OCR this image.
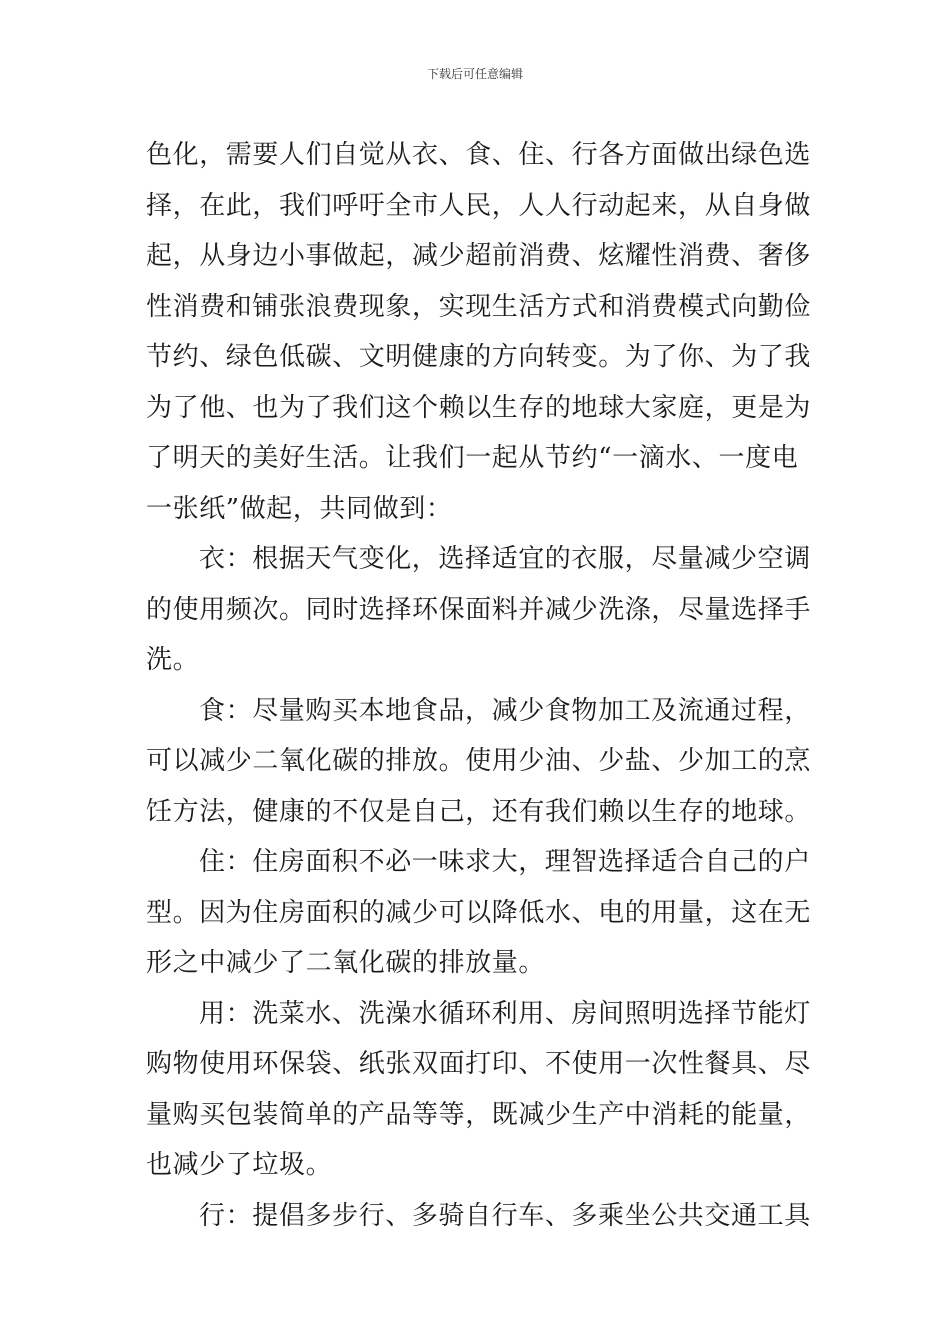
下载后可任意编辑
色化，需要人们自觉从衣、食、住、行各方面做出绿色选
择，在此，我们呼吁全市人民，人人行动起来，从自身做
起，从身边小事做起，减少超前消费、炫耀性消费、奢侈
性消费和铺张浪费现象，实现生活方式和消费模式向勤俭
节约、绿色低碳、文明健康的方向转变。为了你、为了我
为了他、也为了我们这个赖以生存的地球大家庭，更是为
了明天的美好生活。让我们一起从节约“一滴水、一度电
一张纸”做起，共同做到：
衣：根据天气变化，选择适宜的衣服，尽量减少空调
的使用频次。同时选择环保面料并减少洗涤，尽量选择手
洗。
食：尽量购买本地食品，减少食物加工及流通过程，
可以减少二氧化碳的排放。使用少油、少盐、少加工的烹
饪方法，健康的不仅是自己，还有我们赖以生存的地球。
住：住房面积不必一味求大，理智选择适合自己的户
型。因为住房面积的减少可以降低水、电的用量，这在无
形之中减少了二氧化碳的排放量。
用：洗菜水、洗澡水循环利用、房间照明选择节能灯
购物使用环保袋、纸张双面打印、不使用一次性餐具、尽
量购买包装简单的产品等等，既减少生产中消耗的能量，
也减少了垃圾。
行：提倡多步行、多骑自行车、多乘坐公共交通工具
